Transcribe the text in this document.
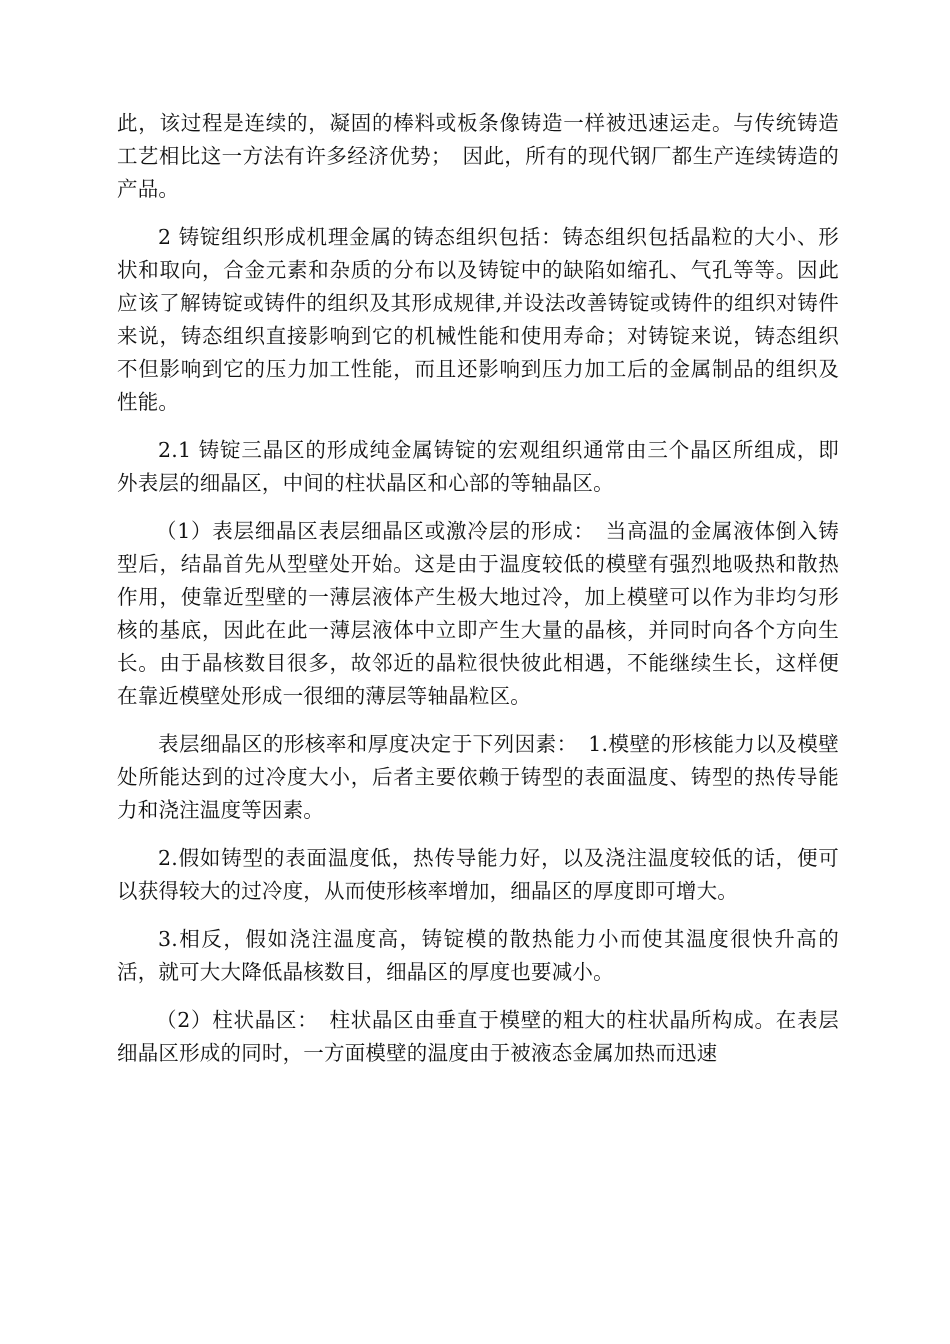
此，该过程是连续的，凝固的棒料或板条像铸造一样被迅速运走。与传统铸造工艺相比这一方法有许多经济优势；　因此，所有的现代钢厂都生产连续铸造的产品。

2 铸锭组织形成机理金属的铸态组织包括：铸态组织包括晶粒的大小、形状和取向，合金元素和杂质的分布以及铸锭中的缺陷如缩孔、气孔等等。因此应该了解铸锭或铸件的组织及其形成规律,并设法改善铸锭或铸件的组织对铸件来说，铸态组织直接影响到它的机械性能和使用寿命；对铸锭来说，铸态组织不但影响到它的压力加工性能，而且还影响到压力加工后的金属制品的组织及性能。

2.1 铸锭三晶区的形成纯金属铸锭的宏观组织通常由三个晶区所组成，即外表层的细晶区，中间的柱状晶区和心部的等轴晶区。

（1）表层细晶区表层细晶区或激冷层的形成：　当高温的金属液体倒入铸型后，结晶首先从型壁处开始。这是由于温度较低的模壁有强烈地吸热和散热作用，使靠近型壁的一薄层液体产生极大地过冷，加上模壁可以作为非均匀形核的基底，因此在此一薄层液体中立即产生大量的晶核，并同时向各个方向生长。由于晶核数目很多，故邻近的晶粒很快彼此相遇，不能继续生长，这样便在靠近模壁处形成一很细的薄层等轴晶粒区。

表层细晶区的形核率和厚度决定于下列因素：　1.模壁的形核能力以及模壁处所能达到的过冷度大小，后者主要依赖于铸型的表面温度、铸型的热传导能力和浇注温度等因素。

2.假如铸型的表面温度低，热传导能力好，以及浇注温度较低的话，便可以获得较大的过冷度，从而使形核率增加，细晶区的厚度即可增大。

3.相反，假如浇注温度高，铸锭模的散热能力小而使其温度很快升高的活，就可大大降低晶核数目，细晶区的厚度也要减小。

（2）柱状晶区：　柱状晶区由垂直于模壁的粗大的柱状晶所构成。在表层细晶区形成的同时，一方面模壁的温度由于被液态金属加热而迅速
